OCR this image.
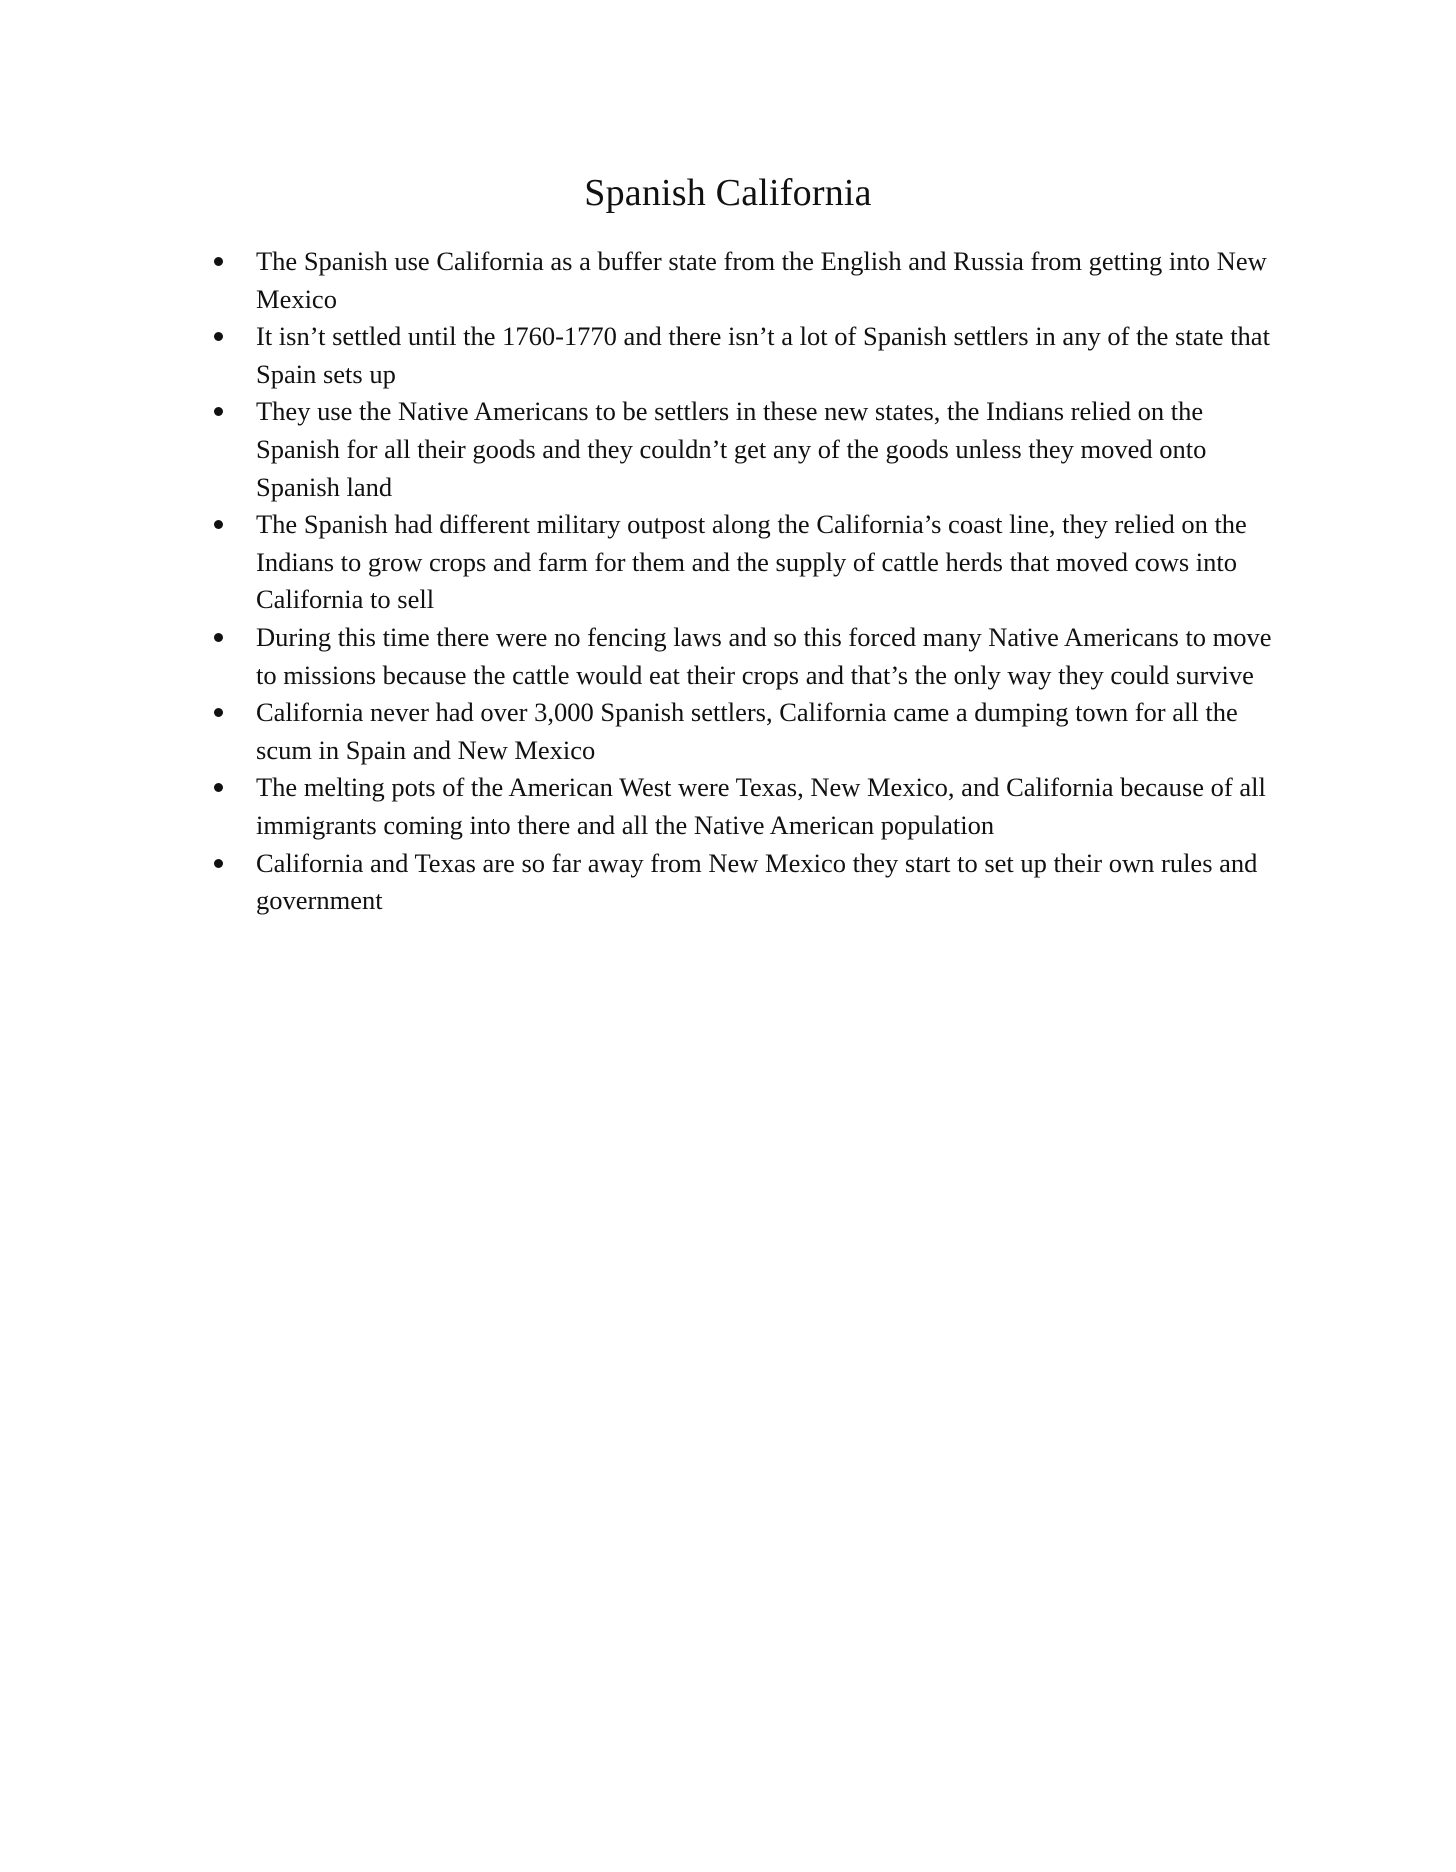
Spanish California
The Spanish use California as a buffer state from the English and Russia from getting into New Mexico
It isn’t settled until the 1760-1770 and there isn’t a lot of Spanish settlers in any of the state that Spain sets up
They use the Native Americans to be settlers in these new states, the Indians relied on the Spanish for all their goods and they couldn’t get any of the goods unless they moved onto Spanish land
The Spanish had different military outpost along the California’s coast line, they relied on the Indians to grow crops and farm for them and the supply of cattle herds that moved cows into California to sell
During this time there were no fencing laws and so this forced many Native Americans to move to missions because the cattle would eat their crops and that’s the only way they could survive
California never had over 3,000 Spanish settlers, California came a dumping town for all the scum in Spain and New Mexico
The melting pots of the American West were Texas, New Mexico, and California because of all immigrants coming into there and all the Native American population
California and Texas are so far away from New Mexico they start to set up their own rules and government
